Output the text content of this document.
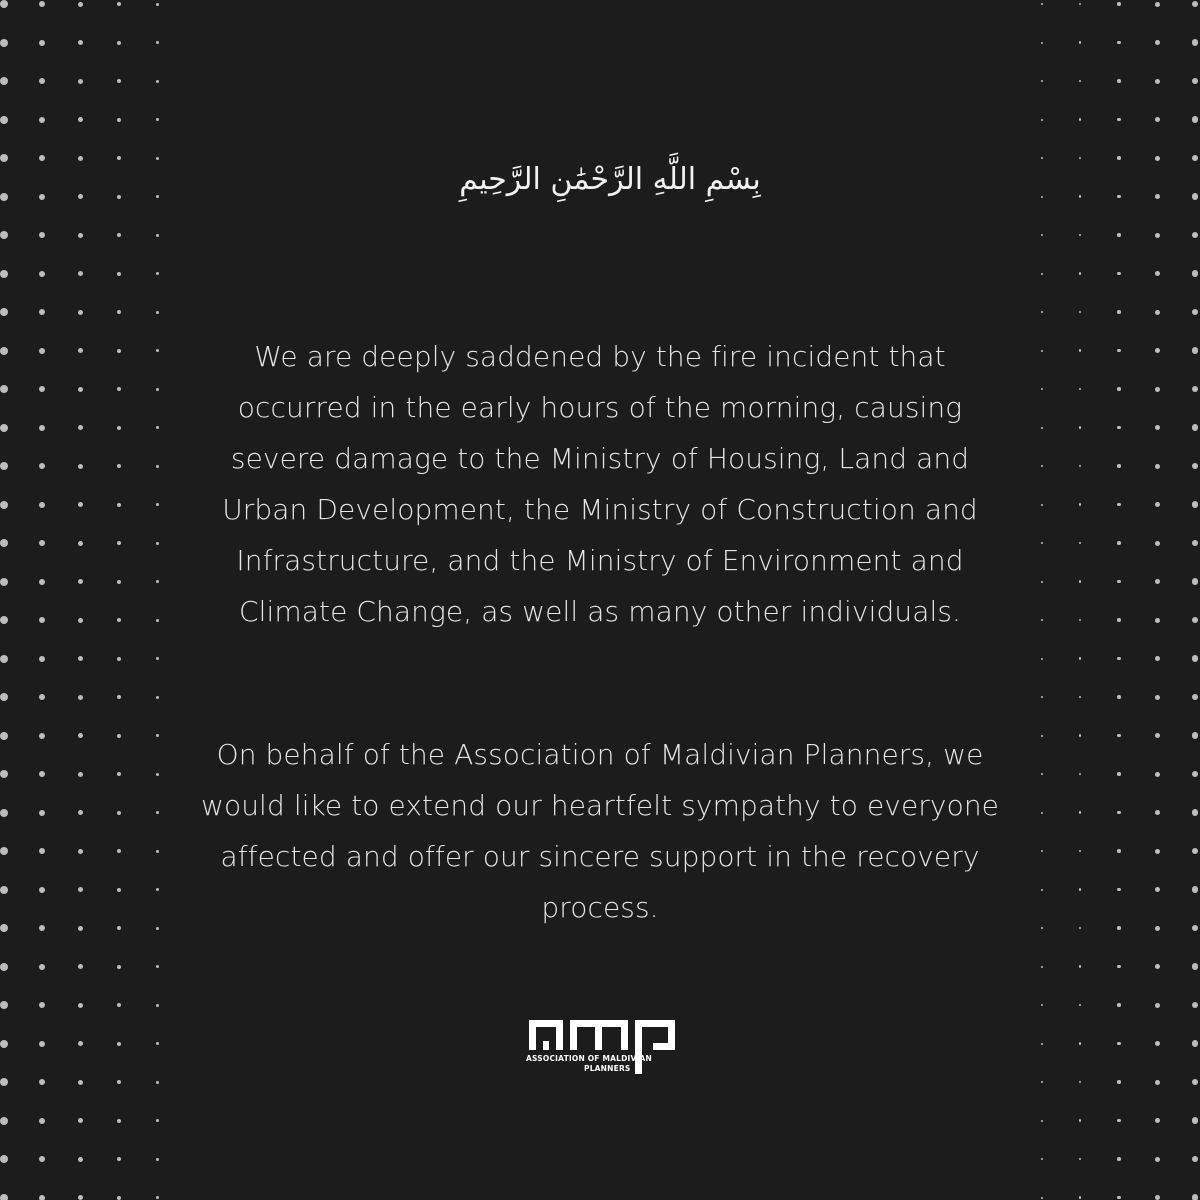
بِسْمِ اللَّهِ الرَّحْمَٰنِ الرَّحِيمِ

We are deeply saddened by the fire incident that occurred in the early hours of the morning, causing severe damage to the Ministry of Housing, Land and Urban Development, the Ministry of Construction and Infrastructure, and the Ministry of Environment and Climate Change, as well as many other individuals.

On behalf of the Association of Maldivian Planners, we would like to extend our heartfelt sympathy to everyone affected and offer our sincere support in the recovery process.

ASSOCIATION OF MALDIVIAN
PLANNERS
